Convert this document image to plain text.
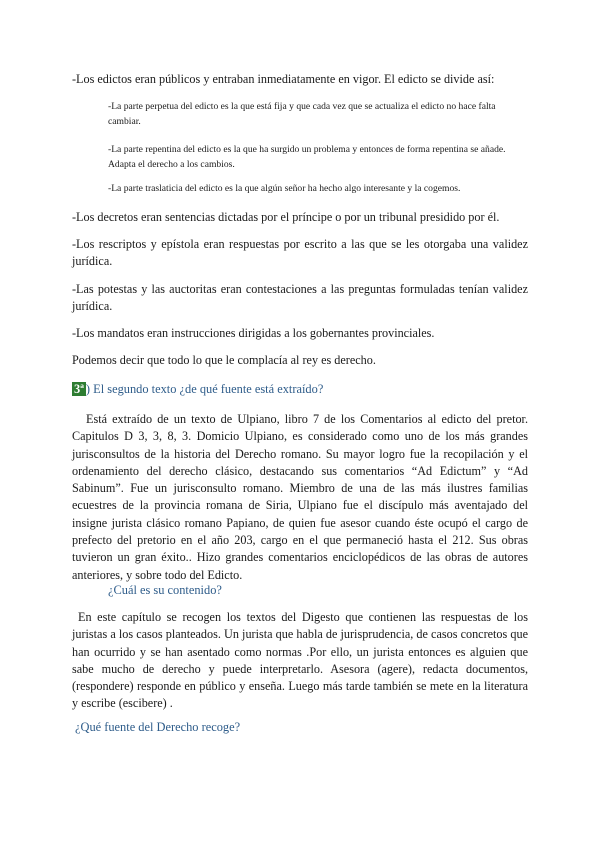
-Los edictos eran públicos y entraban inmediatamente en vigor. El edicto se divide así:

-La parte perpetua del edicto es la que está fija y que cada vez que se actualiza el edicto no hace falta cambiar.

-La parte repentina del edicto es la que ha surgido un problema y entonces de forma repentina se añade. Adapta el derecho a los cambios.

-La parte traslaticia del edicto es la que algún señor ha hecho algo interesante y la cogemos.

-Los decretos eran sentencias dictadas por el príncipe o por un tribunal presidido por él.

-Los rescriptos y epístola eran respuestas por escrito a las que se les otorgaba una validez jurídica.

-Las potestas y las auctoritas eran contestaciones a las preguntas formuladas tenían validez jurídica.

-Los mandatos eran instrucciones dirigidas a los gobernantes provinciales.

Podemos decir que todo lo que le complacía al rey es derecho.

3ª ) El segundo texto ¿de qué fuente está extraído?

Está extraído de un texto de Ulpiano, libro 7 de los Comentarios al edicto del pretor. Capitulos D 3, 3, 8, 3. Domicio Ulpiano, es considerado como uno de los más grandes jurisconsultos de la historia del Derecho romano. Su mayor logro fue la recopilación y el ordenamiento del derecho clásico, destacando sus comentarios “Ad Edictum” y “Ad Sabinum”. Fue un jurisconsulto romano. Miembro de una de las más ilustres familias ecuestres de la provincia romana de Siria, Ulpiano fue el discípulo más aventajado del insigne jurista clásico romano Papiano, de quien fue asesor cuando éste ocupó el cargo de prefecto del pretorio en el año 203, cargo en el que permaneció hasta el 212. Sus obras tuvieron un gran éxito.. Hizo grandes comentarios enciclopédicos de las obras de autores anteriores, y sobre todo del Edicto.

¿Cuál es su contenido?

En este capítulo se recogen los textos del Digesto que contienen las respuestas de los juristas a los casos planteados. Un jurista que habla de jurisprudencia, de casos concretos que han ocurrido y se han asentado como normas .Por ello, un jurista entonces es alguien que sabe mucho de derecho y puede interpretarlo. Asesora (agere), redacta documentos, (respondere) responde en público y enseña. Luego más tarde también se mete en la literatura y escribe (escibere) .

¿Qué fuente del Derecho recoge?
